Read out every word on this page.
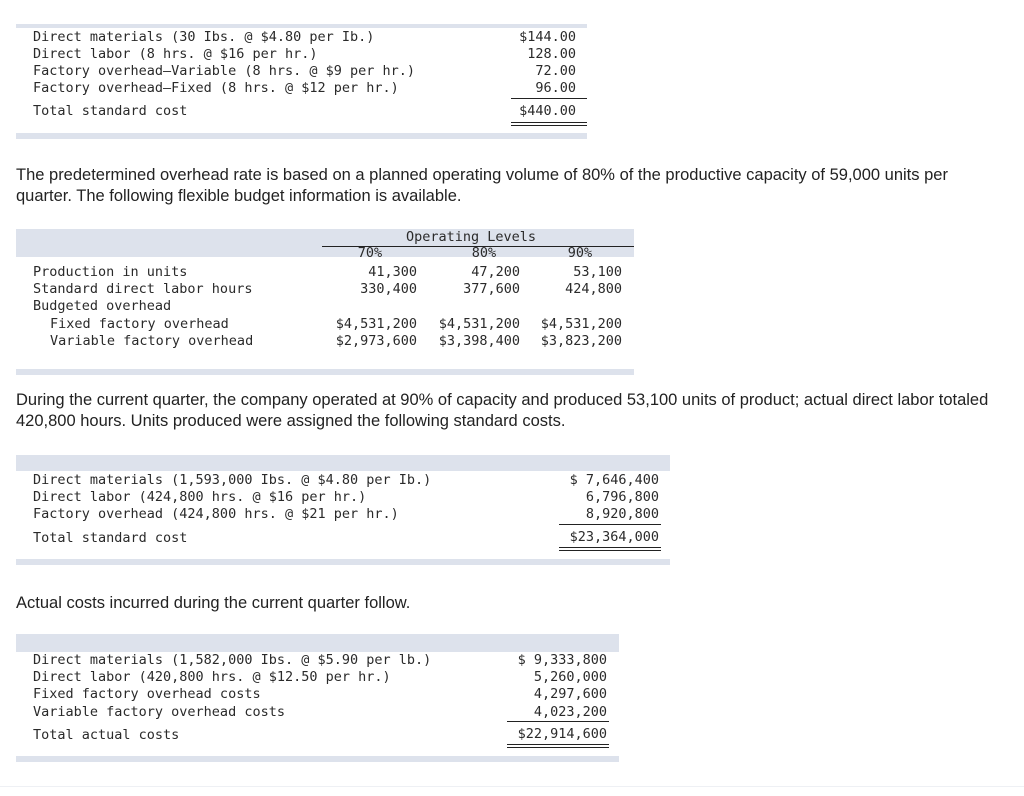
Direct materials (30 Ibs. @ $4.80 per Ib.)	$144.00
Direct labor (8 hrs. @ $16 per hr.)	128.00
Factory overhead—Variable (8 hrs. @ $9 per hr.)	72.00
Factory overhead—Fixed (8 hrs. @ $12 per hr.)	96.00
Total standard cost	$440.00
The predetermined overhead rate is based on a planned operating volume of 80% of the productive capacity of 59,000 units per quarter. The following flexible budget information is available.
Operating Levels
70%	80%	90%
Production in units	41,300	47,200	53,100
Standard direct labor hours	330,400	377,600	424,800
Budgeted overhead
Fixed factory overhead	$4,531,200 $4,531,200 $4,531,200
Variable factory overhead	$2,973,600 $3,398,400 $3,823,200
During the current quarter, the company operated at 90% of capacity and produced 53,100 units of product; actual direct labor totaled 420,800 hours. Units produced were assigned the following standard costs.
Direct materials (1,593,000 Ibs. @ $4.80 per Ib.)	$ 7,646,400
Direct labor (424,800 hrs. @ $16 per hr.)	6,796,800
Factory overhead (424,800 hrs. @ $21 per hr.)	8,920,800
Total standard cost	$23,364,000
Actual costs incurred during the current quarter follow.
Direct materials (1,582,000 Ibs. @ $5.90 per lb.)	$ 9,333,800
Direct labor (420,800 hrs. @ $12.50 per hr.)	5,260,000
Fixed factory overhead costs	4,297,600
Variable factory overhead costs	4,023,200
Total actual costs	$22,914,600
